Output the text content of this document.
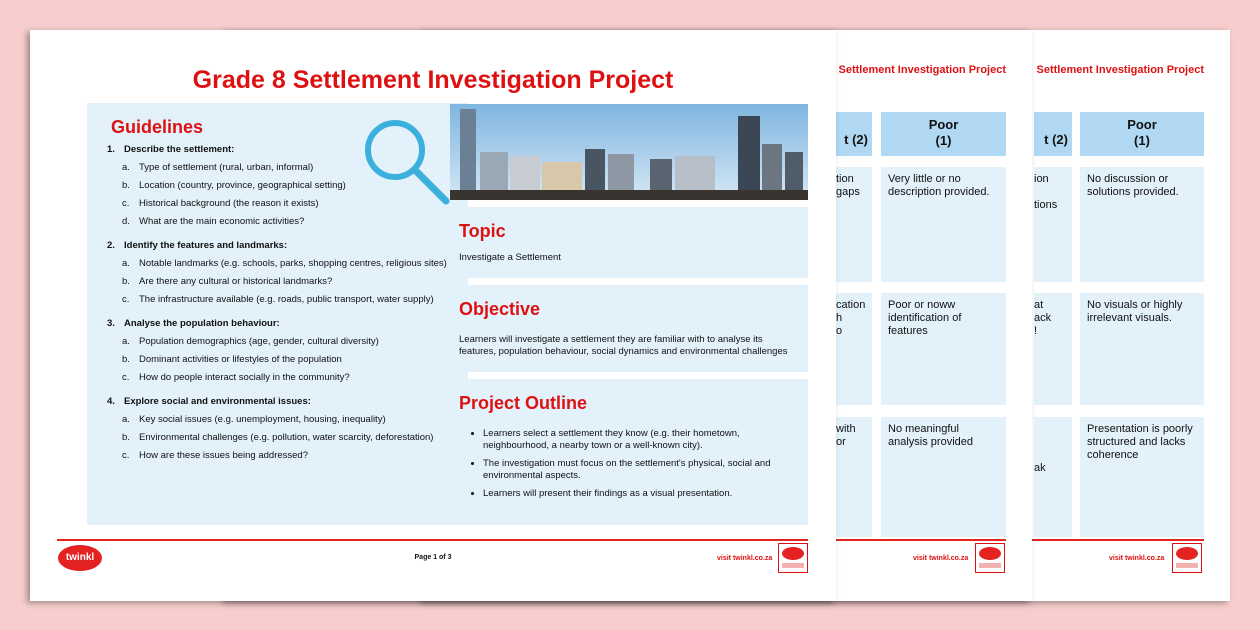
Settlement Investigation Project
t (2)
Poor
(1)
ion

tions
at
ack
!

ak
No discussion or solutions provided.
No visuals or highly irrelevant visuals.
Presentation is poorly structured and lacks coherence
visit twinkl.co.za
Settlement Investigation Project
t (2)
Poor
(1)
tion
gaps
cation
h
o
with
or
Very little or no description provided.
Poor or noww identification of features
No meaningful analysis provided
visit twinkl.co.za
Grade 8 Settlement Investigation Project
Guidelines
1. Describe the settlement:
a. Type of settlement (rural, urban, informal)
b. Location (country, province, geographical setting)
c. Historical background (the reason it exists)
d. What are the main economic activities?
2. Identify the features and landmarks:
a. Notable landmarks (e.g. schools, parks, shopping centres, religious sites)
b. Are there any cultural or historical landmarks?
c. The infrastructure available (e.g. roads, public transport, water supply)
3. Analyse the population behaviour:
a. Population demographics (age, gender, cultural diversity)
b. Dominant activities or lifestyles of the population
c. How do people interact socially in the community?
4. Explore social and environmental issues:
a. Key social issues (e.g. unemployment, housing, inequality)
b. Environmental challenges (e.g. pollution, water scarcity, deforestation)
c. How are these issues being addressed?
Topic

Investigate a Settlement

Objective

Learners will investigate a settlement they are familiar with to analyse its features, population behaviour, social dynamics and environmental challenges

Project Outline
• Learners select a settlement they know (e.g. their hometown, neighbourhood, a nearby town or a well-known city).
• The investigation must focus on the settlement's physical, social and environmental aspects.
• Learners will present their findings as a visual presentation.
twinkl	Page 1 of 3	visit twinkl.co.za
